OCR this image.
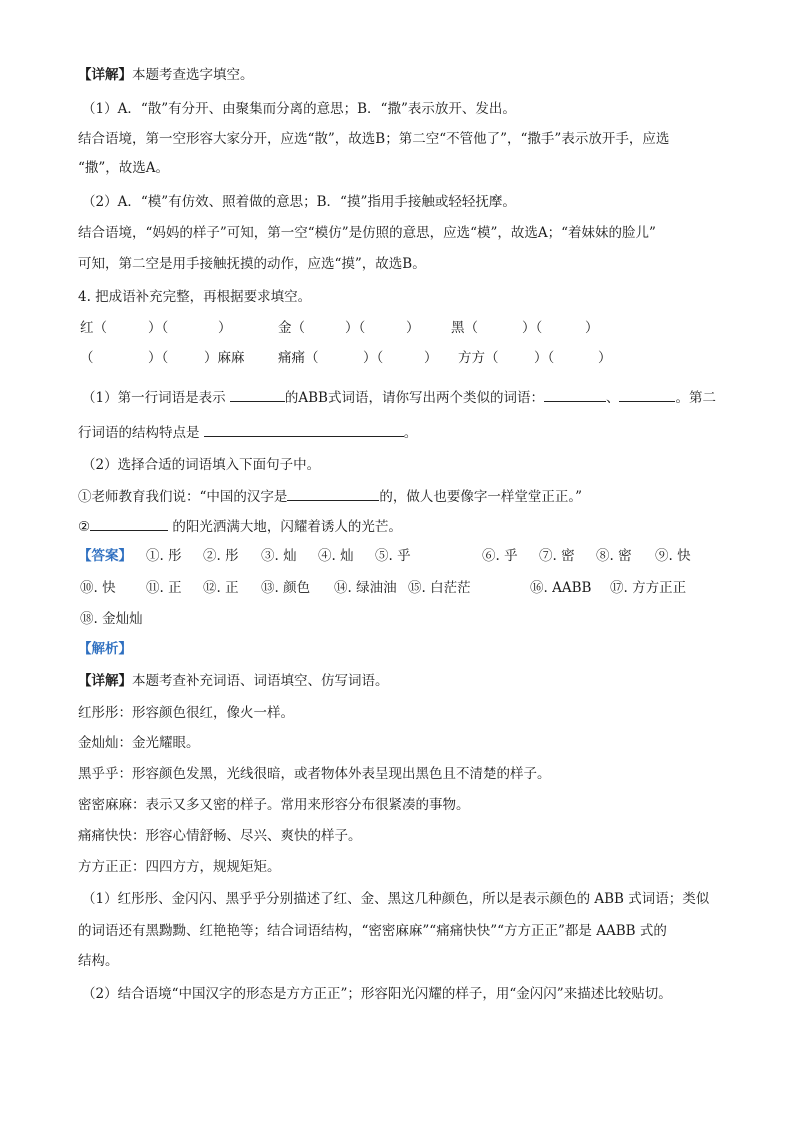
【详解】本题考查选字填空。
（1）A．“散”有分开、由聚集而分离的意思；B．“撒”表示放开、发出。
结合语境，第一空形容大家分开，应选“散”，故选B；第二空“不管他了”，“撒手”表示放开手，应选
“撒”，故选A。
（2）A．“模”有仿效、照着做的意思；B．“摸”指用手接触或轻轻抚摩。
结合语境，“妈妈的样子”可知，第一空“模仿”是仿照的意思，应选“模”，故选A；“着妹妹的脸儿”
可知，第二空是用手接触抚摸的动作，应选“摸”，故选B。
4. 把成语补充完整，再根据要求填空。
红（	）（	）	金（	）（	） 黑（	）（	）
（	）（	）麻麻 痛痛（	）（	） 方方（	）（	）
（1）第一行词语是表示	的ABB式词语，请你写出两个类似的词语：	、	。第二
行词语的结构特点是	。
（2）选择合适的词语填入下面句子中。
①老师教育我们说：“中国的汉字是	的，做人也要像字一样堂堂正正。”
②	的阳光洒满大地，闪耀着诱人的光芒。
【答案】 ①. 彤 ②. 彤 ③. 灿 ④. 灿 ⑤. 乎	⑥. 乎 ⑦. 密 ⑧. 密 ⑨. 快
⑩. 快 ⑪. 正 ⑫. 正 ⑬. 颜色 ⑭. 绿油油 ⑮. 白茫茫	⑯. AABB ⑰. 方方正正
⑱. 金灿灿
【解析】
【详解】本题考查补充词语、词语填空、仿写词语。
红彤彤：形容颜色很红，像火一样。
金灿灿：金光耀眼。
黑乎乎：形容颜色发黑，光线很暗，或者物体外表呈现出黑色且不清楚的样子。
密密麻麻：表示又多又密的样子。常用来形容分布很紧凑的事物。
痛痛快快：形容心情舒畅、尽兴、爽快的样子。
方方正正：四四方方，规规矩矩。
（1）红彤彤、金闪闪、黑乎乎分别描述了红、金、黑这几种颜色，所以是表示颜色的 ABB 式词语；类似
的词语还有黑黝黝、红艳艳等；结合词语结构，“密密麻麻”“痛痛快快”“方方正正”都是 AABB 式的
结构。
（2）结合语境“中国汉字的形态是方方正正”；形容阳光闪耀的样子，用“金闪闪”来描述比较贴切。
